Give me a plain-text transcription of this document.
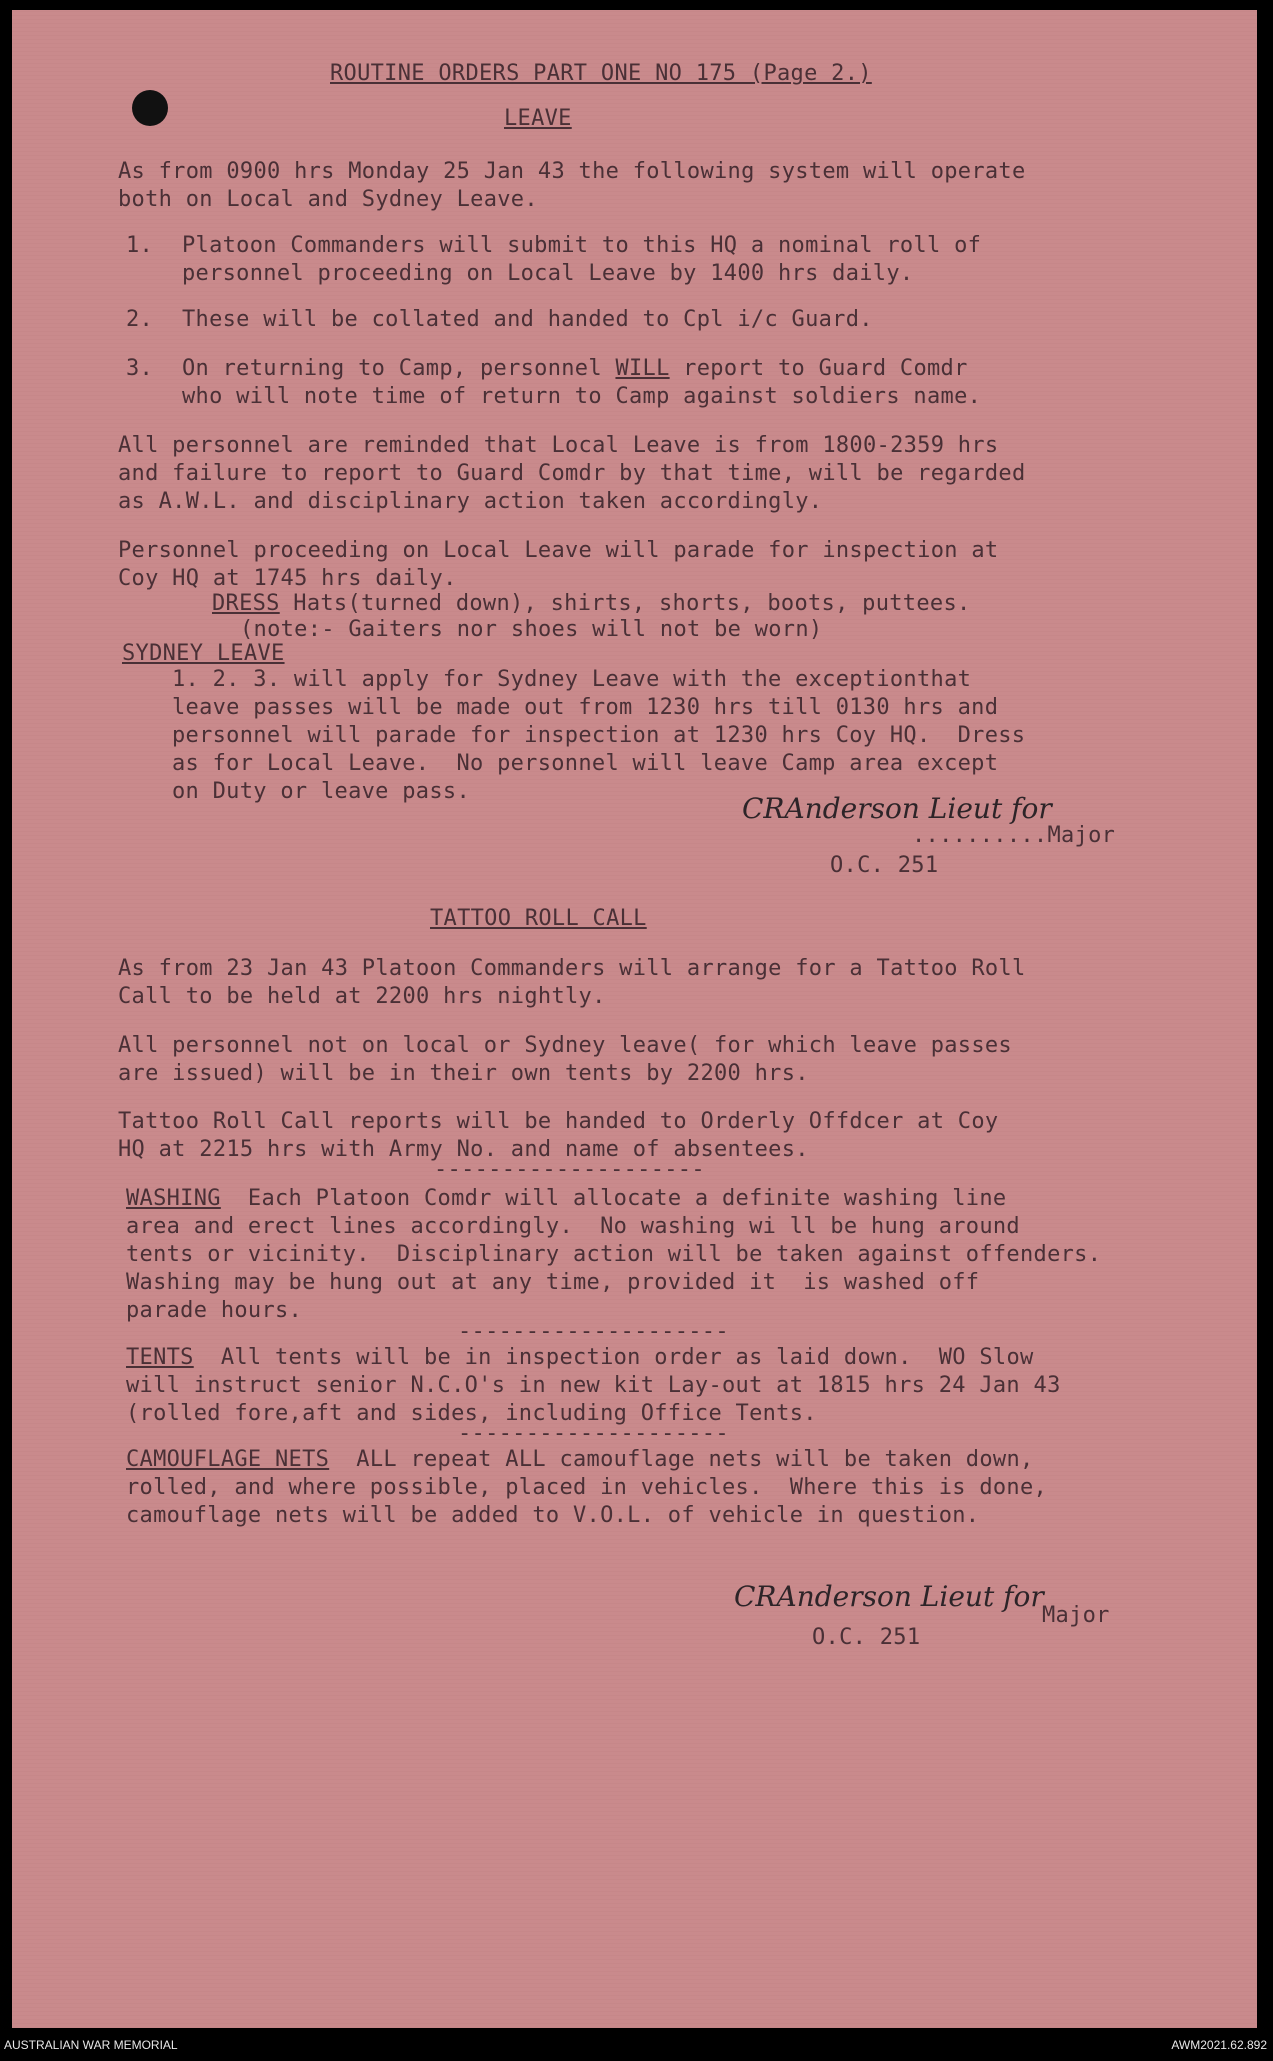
ROUTINE ORDERS PART ONE NO 175 (Page 2.)

LEAVE

As from 0900 hrs Monday 25 Jan 43 the following system will operate

both on Local and Sydney Leave.

1. Platoon Commanders will submit to this HQ a nominal roll of

personnel proceeding on Local Leave by 1400 hrs daily.

2. These will be collated and handed to Cpl i/c Guard.

3. On returning to Camp, personnel WILL report to Guard Comdr

who will note time of return to Camp against soldiers name.

All personnel are reminded that Local Leave is from 1800-2359 hrs

and failure to report to Guard Comdr by that time, will be regarded

as A.W.L. and disciplinary action taken accordingly.

Personnel proceeding on Local Leave will parade for inspection at

Coy HQ at 1745 hrs daily.

DRESS Hats(turned down), shirts, shorts, boots, puttees.

(note:- Gaiters nor shoes will not be worn)

SYDNEY LEAVE

1. 2. 3. will apply for Sydney Leave with the exceptionthat

leave passes will be made out from 1230 hrs till 0130 hrs and

personnel will parade for inspection at 1230 hrs Coy HQ.  Dress

as for Local Leave.  No personnel will leave Camp area except

on Duty or leave pass.

CRAnderson Lieut for

..........Major

O.C. 251

TATTOO ROLL CALL

As from 23 Jan 43 Platoon Commanders will arrange for a Tattoo Roll

Call to be held at 2200 hrs nightly.

All personnel not on local or Sydney leave( for which leave passes

are issued) will be in their own tents by 2200 hrs.

Tattoo Roll Call reports will be handed to Orderly Offdcer at Coy

HQ at 2215 hrs with Army No. and name of absentees.

--------------------

WASHING  Each Platoon Comdr will allocate a definite washing line

area and erect lines accordingly.  No washing wi ll be hung around

tents or vicinity.  Disciplinary action will be taken against offenders.

Washing may be hung out at any time, provided it  is washed off

parade hours.

--------------------

TENTS  All tents will be in inspection order as laid down.  WO Slow

will instruct senior N.C.O's in new kit Lay-out at 1815 hrs 24 Jan 43

(rolled fore,aft and sides, including Office Tents.

--------------------

CAMOUFLAGE NETS  ALL repeat ALL camouflage nets will be taken down,

rolled, and where possible, placed in vehicles.  Where this is done,

camouflage nets will be added to V.O.L. of vehicle in question.

CRAnderson Lieut for

Major

O.C. 251

AUSTRALIAN WAR MEMORIAL	AWM2021.62.892
